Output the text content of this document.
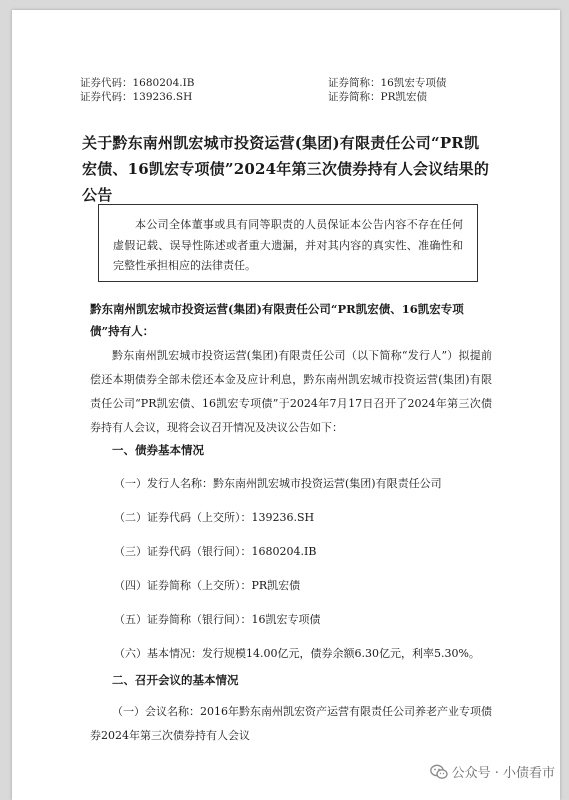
证券代码：1680204.IB
证券代码：139236.SH
证券简称：16凯宏专项债
证券简称：PR凯宏债
关于黔东南州凯宏城市投资运营(集团)有限责任公司“PR凯宏债、16凯宏专项债”2024年第三次债券持有人会议结果的公告

本公司全体董事或具有同等职责的人员保证本公告内容不存在任何虚假记载、误导性陈述或者重大遗漏，并对其内容的真实性、准确性和完整性承担相应的法律责任。

黔东南州凯宏城市投资运营(集团)有限责任公司“PR凯宏债、16凯宏专项债”持有人：
黔东南州凯宏城市投资运营(集团)有限责任公司（以下简称“发行人”）拟提前偿还本期债券全部未偿还本金及应计利息，黔东南州凯宏城市投资运营(集团)有限责任公司“PR凯宏债、16凯宏专项债”于2024年7月17日召开了2024年第三次债券持有人会议，现将会议召开情况及决议公告如下：
一、债券基本情况
（一）发行人名称：黔东南州凯宏城市投资运营(集团)有限责任公司
（二）证券代码（上交所）：139236.SH
（三）证券代码（银行间）：1680204.IB
（四）证券简称（上交所）：PR凯宏债
（五）证券简称（银行间）：16凯宏专项债
（六）基本情况：发行规模14.00亿元，债券余额6.30亿元，利率5.30%。
二、召开会议的基本情况
（一）会议名称：2016年黔东南州凯宏资产运营有限责任公司养老产业专项债券2024年第三次债券持有人会议
公众号 · 小债看市
